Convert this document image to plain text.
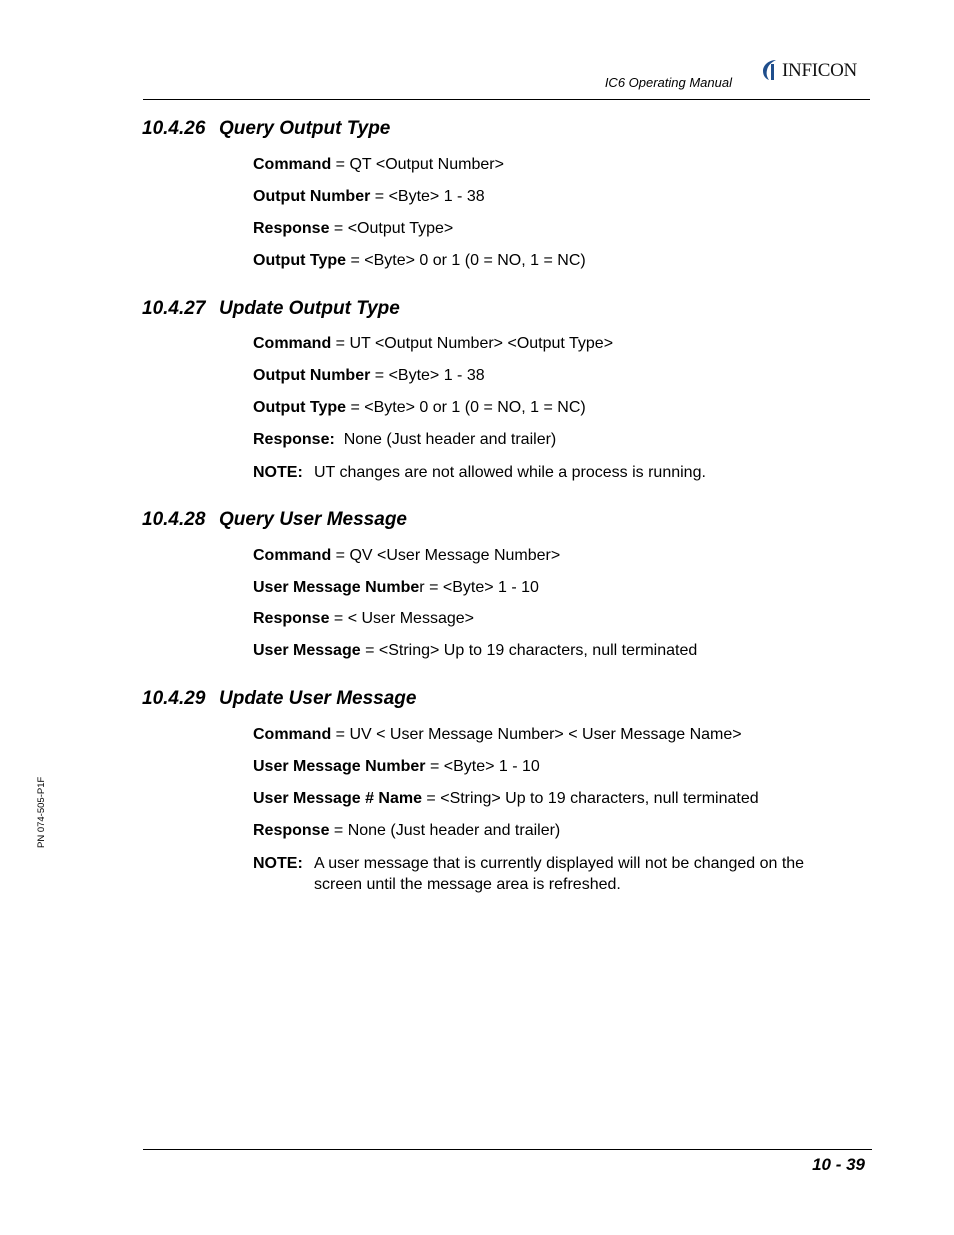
IC6 Operating Manual
INFICON
10.4.26 Query Output Type
Command = QT <Output Number>
Output Number = <Byte> 1 - 38
Response = <Output Type>
Output Type = <Byte> 0 or 1 (0 = NO, 1 = NC)
10.4.27 Update Output Type
Command = UT <Output Number> <Output Type>
Output Number = <Byte> 1 - 38
Output Type = <Byte> 0 or 1 (0 = NO, 1 = NC)
Response:  None (Just header and trailer)
NOTE: UT changes are not allowed while a process is running.
10.4.28 Query User Message
Command = QV <User Message Number>
User Message Number = <Byte> 1 - 10
Response = < User Message>
User Message = <String> Up to 19 characters, null terminated
10.4.29 Update User Message
Command = UV < User Message Number> < User Message Name>
User Message Number = <Byte> 1 - 10
User Message # Name = <String> Up to 19 characters, null terminated
Response = None (Just header and trailer)
NOTE: A user message that is currently displayed will not be changed on the screen until the message area is refreshed.
PN 074-505-P1F
10 - 39
